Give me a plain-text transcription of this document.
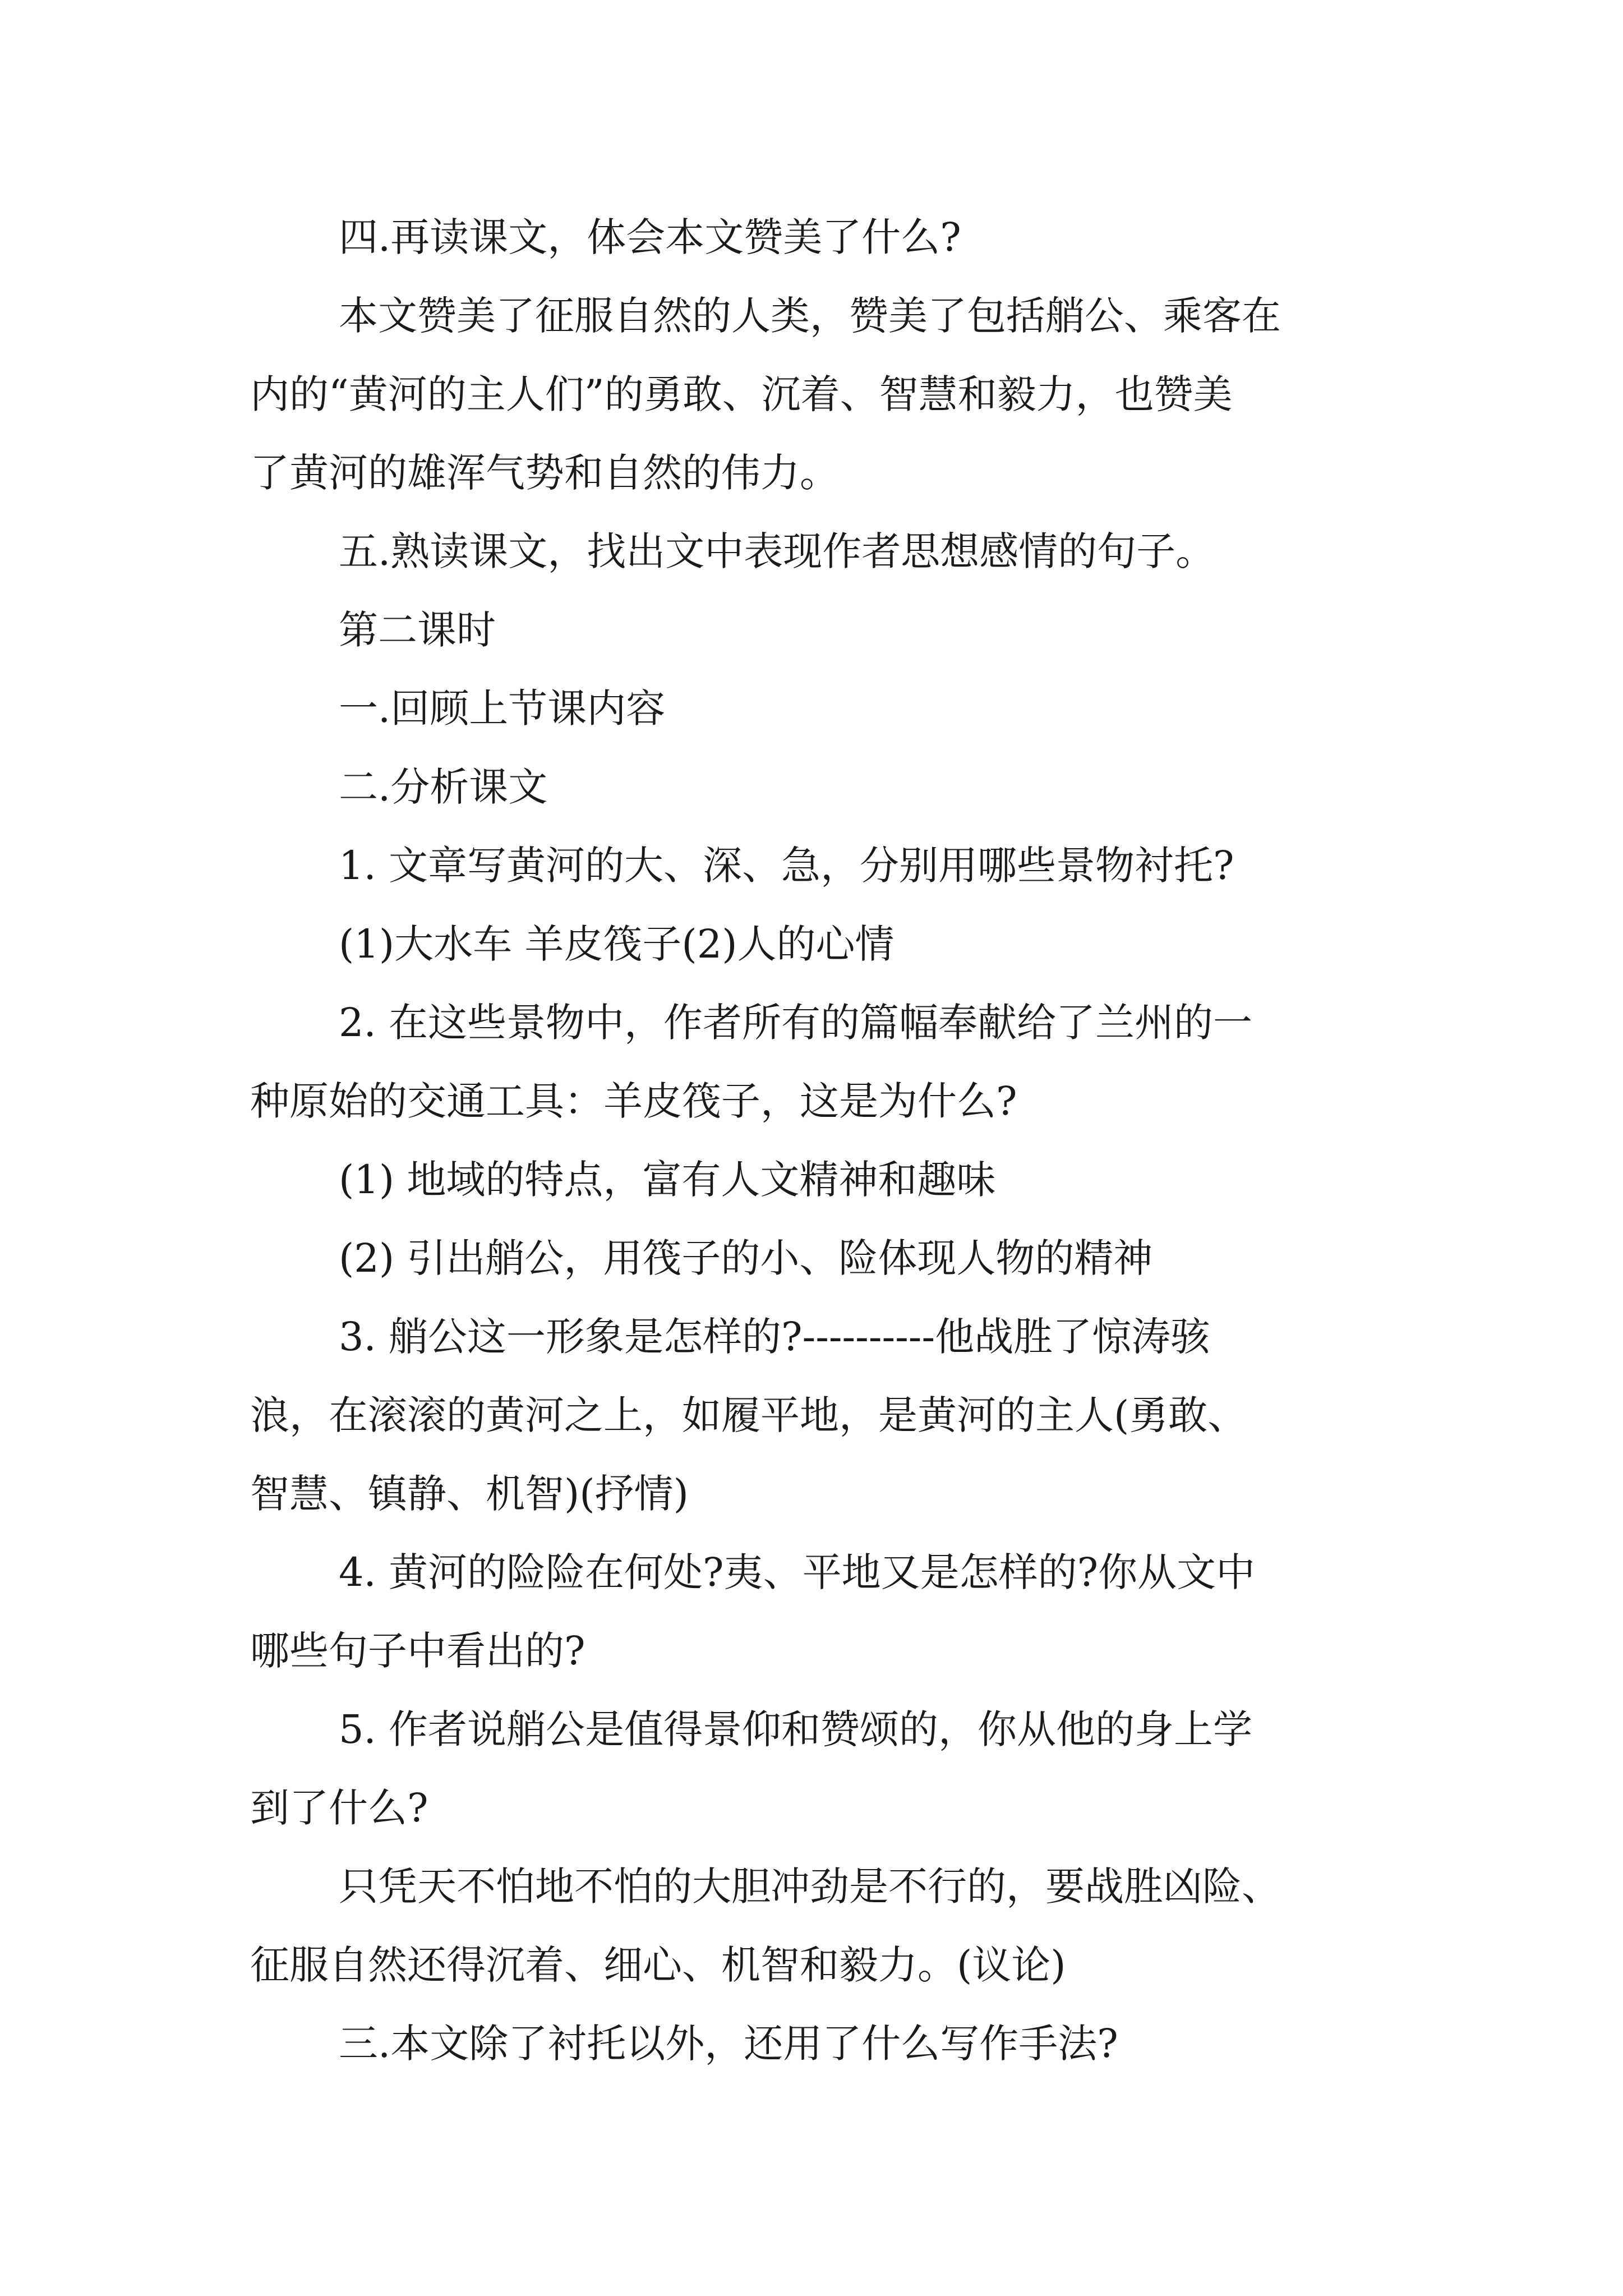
四.再读课文，体会本文赞美了什么?
本文赞美了征服自然的人类，赞美了包括艄公、乘客在
内的“黄河的主人们”的勇敢、沉着、智慧和毅力，也赞美
了黄河的雄浑气势和自然的伟力。
五.熟读课文，找出文中表现作者思想感情的句子。
第二课时
一.回顾上节课内容
二.分析课文
1. 文章写黄河的大、深、急，分别用哪些景物衬托?
(1)大水车 羊皮筏子(2)人的心情
2. 在这些景物中，作者所有的篇幅奉献给了兰州的一
种原始的交通工具：羊皮筏子，这是为什么?
(1) 地域的特点，富有人文精神和趣味
(2) 引出艄公，用筏子的小、险体现人物的精神
3. 艄公这一形象是怎样的?----------他战胜了惊涛骇
浪，在滚滚的黄河之上，如履平地，是黄河的主人(勇敢、
智慧、镇静、机智)(抒情)
4. 黄河的险险在何处?夷、平地又是怎样的?你从文中
哪些句子中看出的?
5. 作者说艄公是值得景仰和赞颂的，你从他的身上学
到了什么?
只凭天不怕地不怕的大胆冲劲是不行的，要战胜凶险、
征服自然还得沉着、细心、机智和毅力。(议论)
三.本文除了衬托以外，还用了什么写作手法?
